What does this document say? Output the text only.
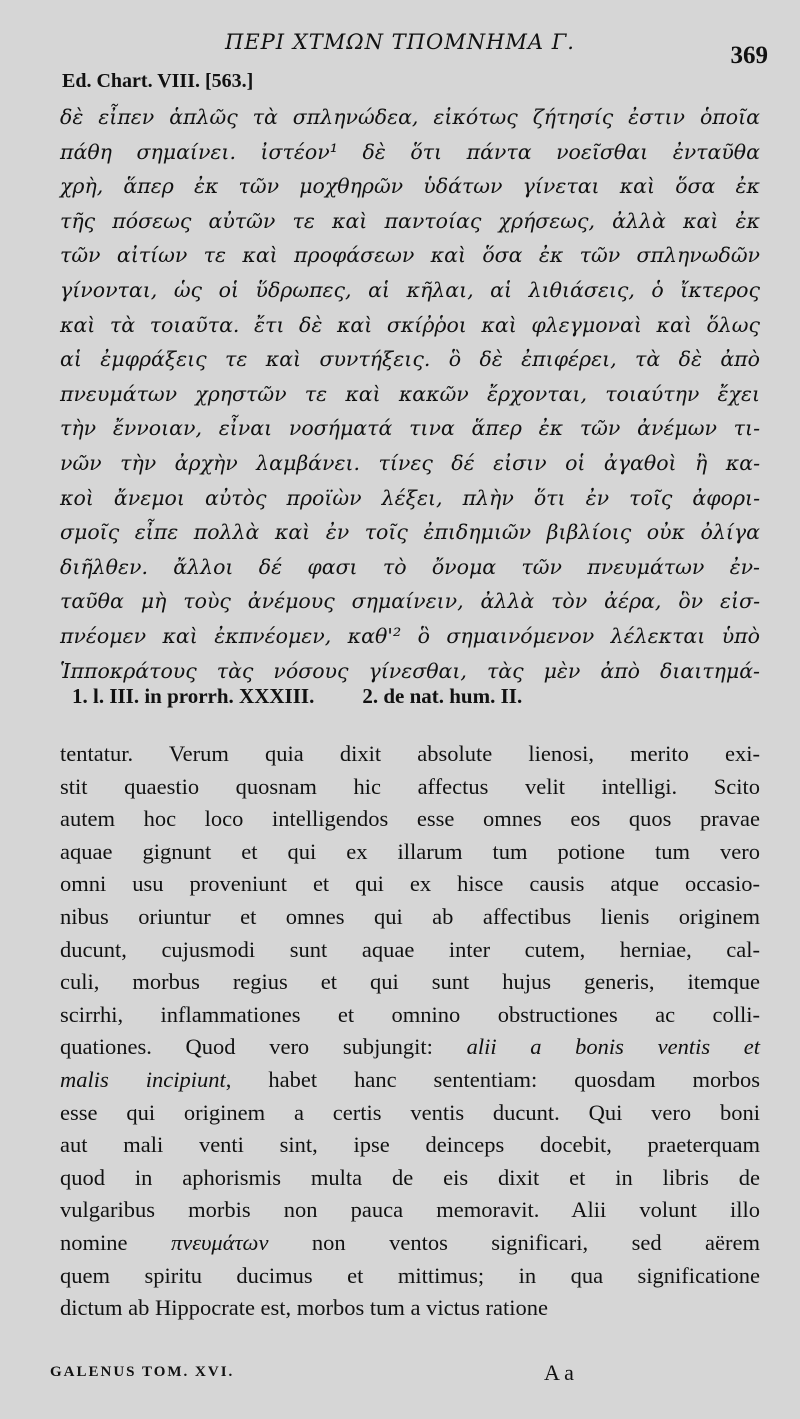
ΠΕΡΙ ΧΤΜΩΝ ΤΠΟΜΝΗΜΑ Γ.	369
Ed. Chart. VIII. [563.]
δὲ εἶπεν ἁπλῶς τὰ σπληνώδεα, εἰκότως ζήτησίς ἐστιν ὁποῖα
πάθη σημαίνει. ἰστέον¹ δὲ ὅτι πάντα νοεῖσθαι ἐνταῦθα
χρὴ, ἅπερ ἐκ τῶν μοχθηρῶν ὑδάτων γίνεται καὶ ὅσα ἐκ
τῆς πόσεως αὐτῶν τε καὶ παντοίας χρήσεως, ἀλλὰ καὶ ἐκ
τῶν αἰτίων τε καὶ προφάσεων καὶ ὅσα ἐκ τῶν σπληνωδῶν
γίνονται, ὡς οἱ ὕδρωπες, αἱ κῆλαι, αἱ λιθιάσεις, ὁ ἴκτερος
καὶ τὰ τοιαῦτα. ἔτι δὲ καὶ σκίῤῥοι καὶ φλεγμοναὶ καὶ ὅλως
αἱ ἐμφράξεις τε καὶ συντήξεις. ὃ δὲ ἐπιφέρει, τὰ δὲ ἀπὸ
πνευμάτων χρηστῶν τε καὶ κακῶν ἔρχονται, τοιαύτην ἔχει
τὴν ἔννοιαν, εἶναι νοσήματά τινα ἅπερ ἐκ τῶν ἀνέμων τι-
νῶν τὴν ἀρχὴν λαμβάνει. τίνες δέ εἰσιν οἱ ἀγαθοὶ ἢ κα-
κοὶ ἄνεμοι αὐτὸς προϊὼν λέξει, πλὴν ὅτι ἐν τοῖς ἀφορι-
σμοῖς εἶπε πολλὰ καὶ ἐν τοῖς ἐπιδημιῶν βιβλίοις οὐκ ὀλίγα
διῆλθεν. ἄλλοι δέ φασι τὸ ὄνομα τῶν πνευμάτων ἐν-
ταῦθα μὴ τοὺς ἀνέμους σημαίνειν, ἀλλὰ τὸν ἀέρα, ὃν εἰσ-
πνέομεν καὶ ἐκπνέομεν, καθ'² ὃ σημαινόμενον λέλεκται ὑπὸ
Ἱπποκράτους τὰς νόσους γίνεσθαι, τὰς μὲν ἀπὸ διαιτημά-
1. l. III. in prorrh. XXXIII. 2. de nat. hum. II.
tentatur. Verum quia dixit absolute lienosi, merito exi-
stit quaestio quosnam hic affectus velit intelligi. Scito
autem hoc loco intelligendos esse omnes eos quos pravae
aquae gignunt et qui ex illarum tum potione tum vero
omni usu proveniunt et qui ex hisce causis atque occasio-
nibus oriuntur et omnes qui ab affectibus lienis originem
ducunt, cujusmodi sunt aquae inter cutem, herniae, cal-
culi, morbus regius et qui sunt hujus generis, itemque
scirrhi, inflammationes et omnino obstructiones ac colli-
quationes. Quod vero subjungit: alii a bonis ventis et
malis incipiunt, habet hanc sententiam: quosdam morbos
esse qui originem a certis ventis ducunt. Qui vero boni
aut mali venti sint, ipse deinceps docebit, praeterquam
quod in aphorismis multa de eis dixit et in libris de
vulgaribus morbis non pauca memoravit. Alii volunt illo
nomine πνευμάτων non ventos significari, sed aërem
quem spiritu ducimus et mittimus; in qua significatione
dictum ab Hippocrate est, morbos tum a victus ratione
GALENUS TOM. XVI.	A a
